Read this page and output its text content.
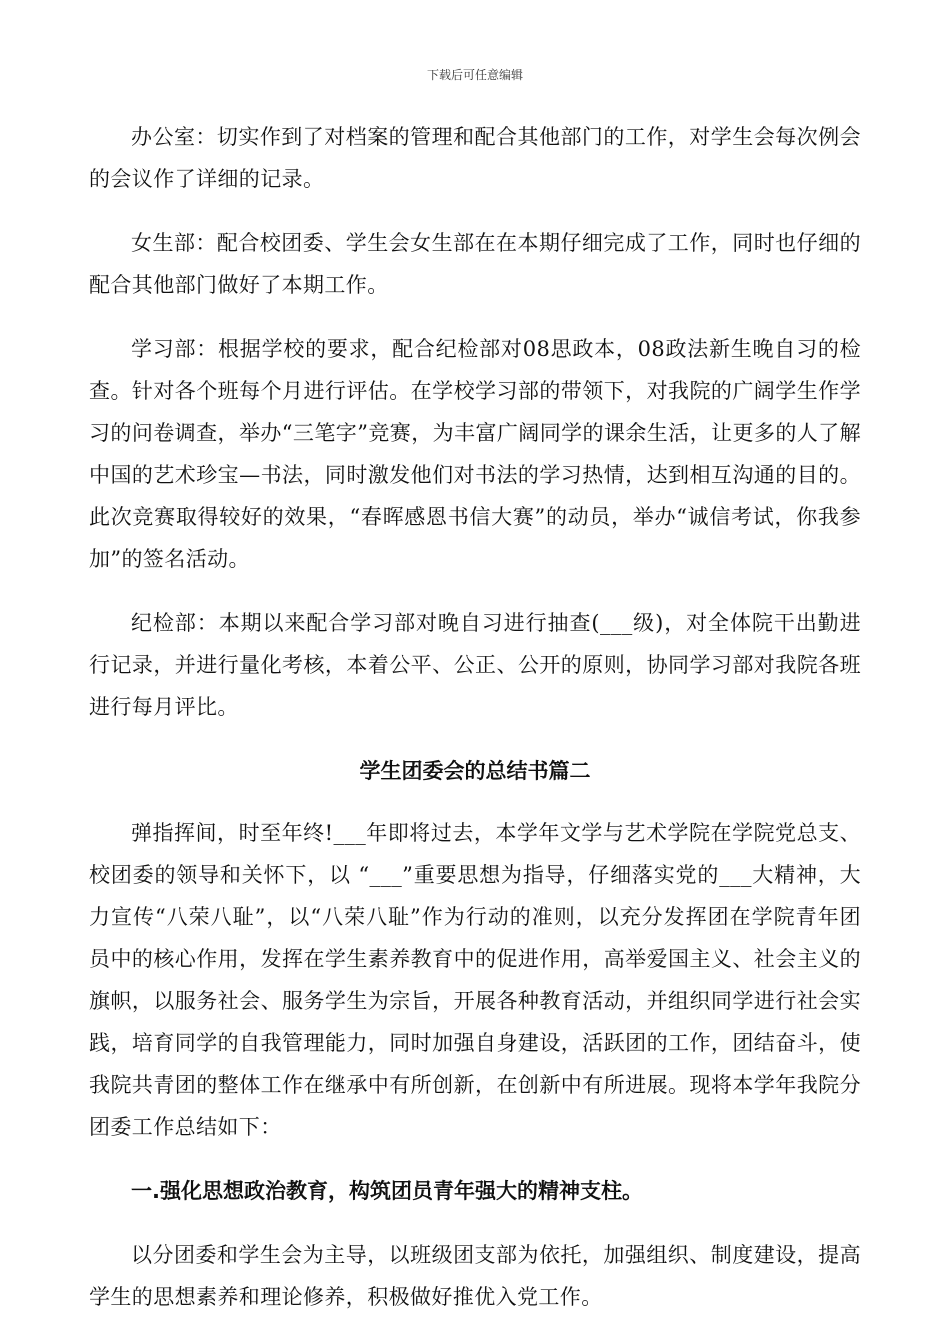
下载后可任意编辑

办公室：切实作到了对档案的管理和配合其他部门的工作，对学生会每次例会的会议作了详细的记录。

女生部：配合校团委、学生会女生部在在本期仔细完成了工作，同时也仔细的配合其他部门做好了本期工作。

学习部：根据学校的要求，配合纪检部对08思政本，08政法新生晚自习的检查。针对各个班每个月进行评估。在学校学习部的带领下，对我院的广阔学生作学习的问卷调查，举办“三笔字”竞赛，为丰富广阔同学的课余生活，让更多的人了解中国的艺术珍宝—书法，同时激发他们对书法的学习热情，达到相互沟通的目的。此次竞赛取得较好的效果，“春晖感恩书信大赛”的动员，举办“诚信考试，你我参加”的签名活动。

纪检部：本期以来配合学习部对晚自习进行抽查(___级)，对全体院干出勤进行记录，并进行量化考核，本着公平、公正、公开的原则，协同学习部对我院各班进行每月评比。

学生团委会的总结书篇二

弹指挥间，时至年终!___年即将过去，本学年文学与艺术学院在学院党总支、校团委的领导和关怀下，以 “___”重要思想为指导，仔细落实党的___大精神，大力宣传“八荣八耻”，以“八荣八耻”作为行动的准则，以充分发挥团在学院青年团员中的核心作用，发挥在学生素养教育中的促进作用，高举爱国主义、社会主义的旗帜，以服务社会、服务学生为宗旨，开展各种教育活动，并组织同学进行社会实践，培育同学的自我管理能力，同时加强自身建设，活跃团的工作，团结奋斗，使我院共青团的整体工作在继承中有所创新，在创新中有所进展。现将本学年我院分团委工作总结如下：

一.强化思想政治教育，构筑团员青年强大的精神支柱。

以分团委和学生会为主导，以班级团支部为依托，加强组织、制度建设，提高学生的思想素养和理论修养，积极做好推优入党工作。
